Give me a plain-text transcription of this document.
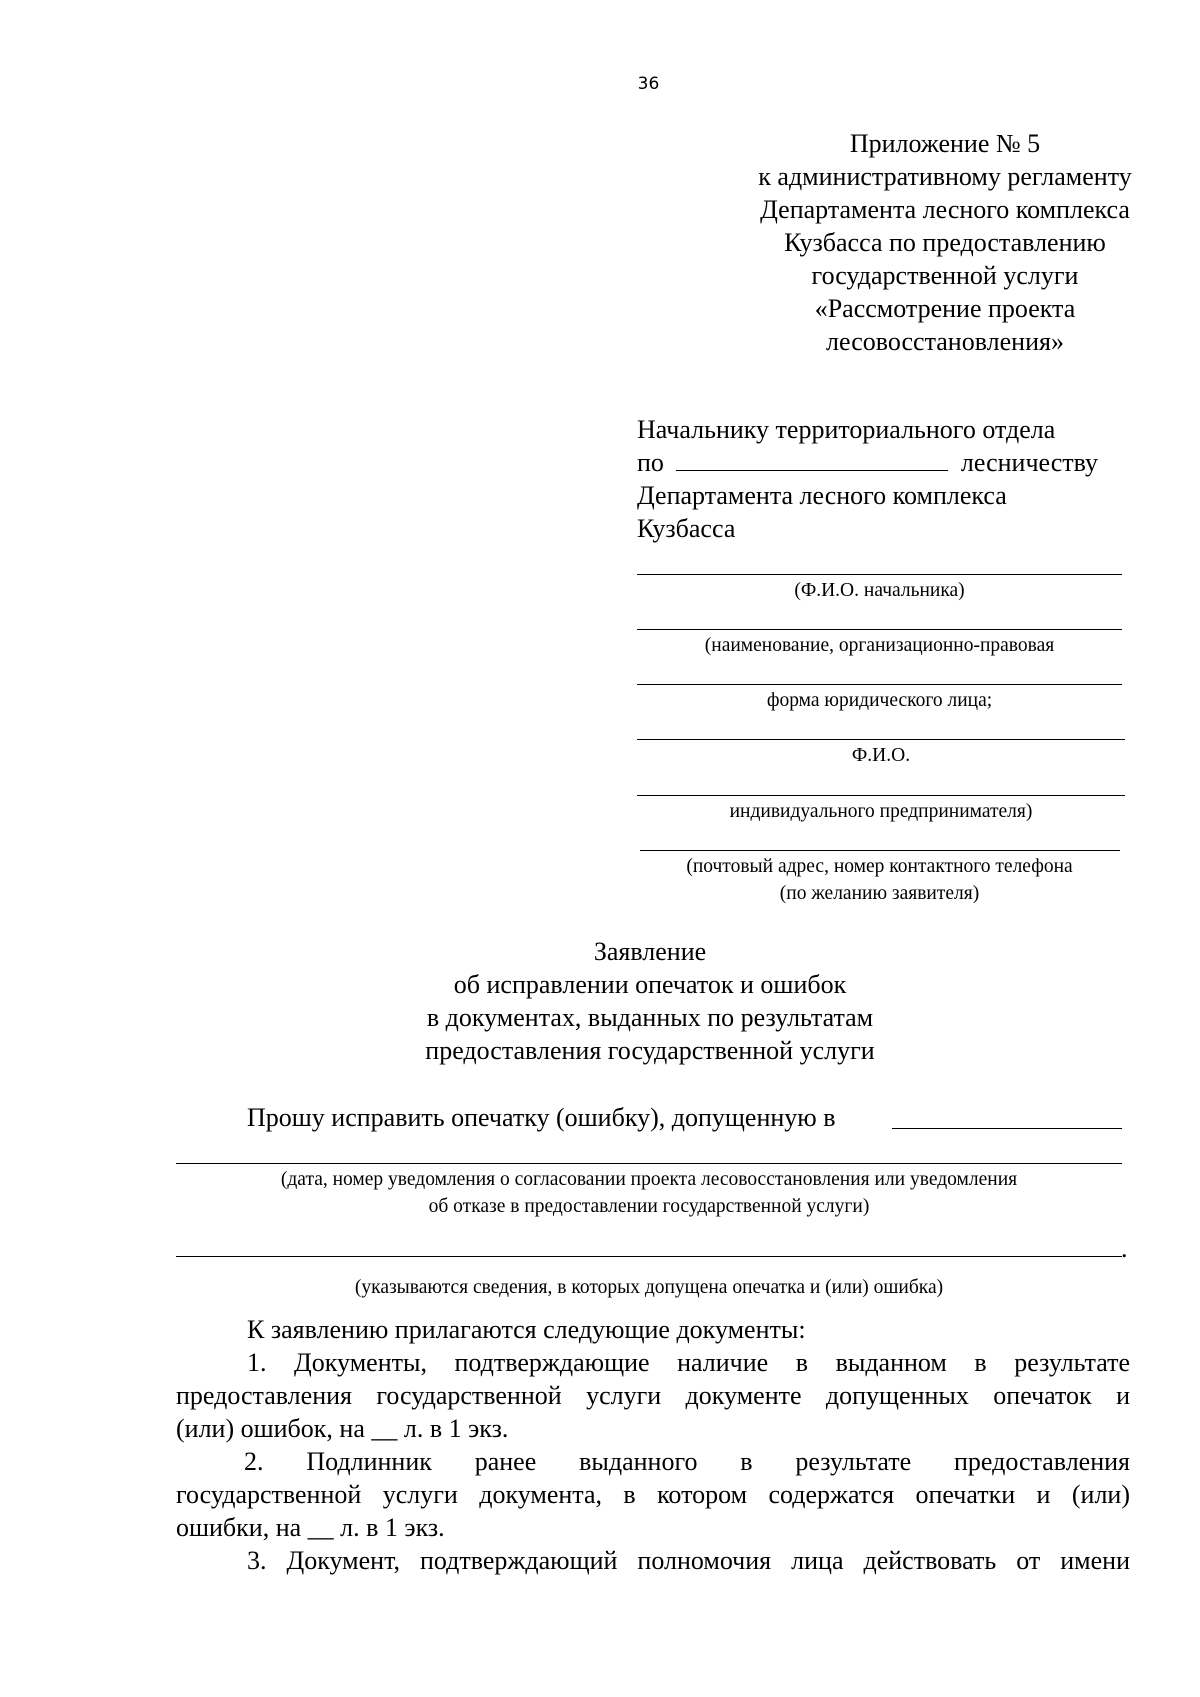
36
Приложение № 5
к административному регламенту
Департамента лесного комплекса
Кузбасса по предоставлению
государственной услуги
«Рассмотрение проекта
лесовосстановления»
Начальнику территориального отдела
по	лесничеству
Департамента лесного комплекса
Кузбасса
(Ф.И.О. начальника)
(наименование, организационно-правовая
форма юридического лица;
Ф.И.О.
индивидуального предпринимателя)
(почтовый адрес, номер контактного телефона
(по желанию заявителя)
Заявление
об исправлении опечаток и ошибок
в документах, выданных по результатам
предоставления государственной услуги
Прошу исправить опечатку (ошибку), допущенную в
(дата, номер уведомления о согласовании проекта лесовосстановления или уведомления
об отказе в предоставлении государственной услуги)
.
(указываются сведения, в которых допущена опечатка и (или) ошибка)
К заявлению прилагаются следующие документы:
1. Документы, подтверждающие наличие в выданном в результате
предоставления государственной услуги документе допущенных опечаток и
(или) ошибок, на __ л. в 1 экз.
2. Подлинник ранее выданного в результате предоставления
государственной услуги документа, в котором содержатся опечатки и (или)
ошибки, на __ л. в 1 экз.
3. Документ, подтверждающий полномочия лица действовать от имени
